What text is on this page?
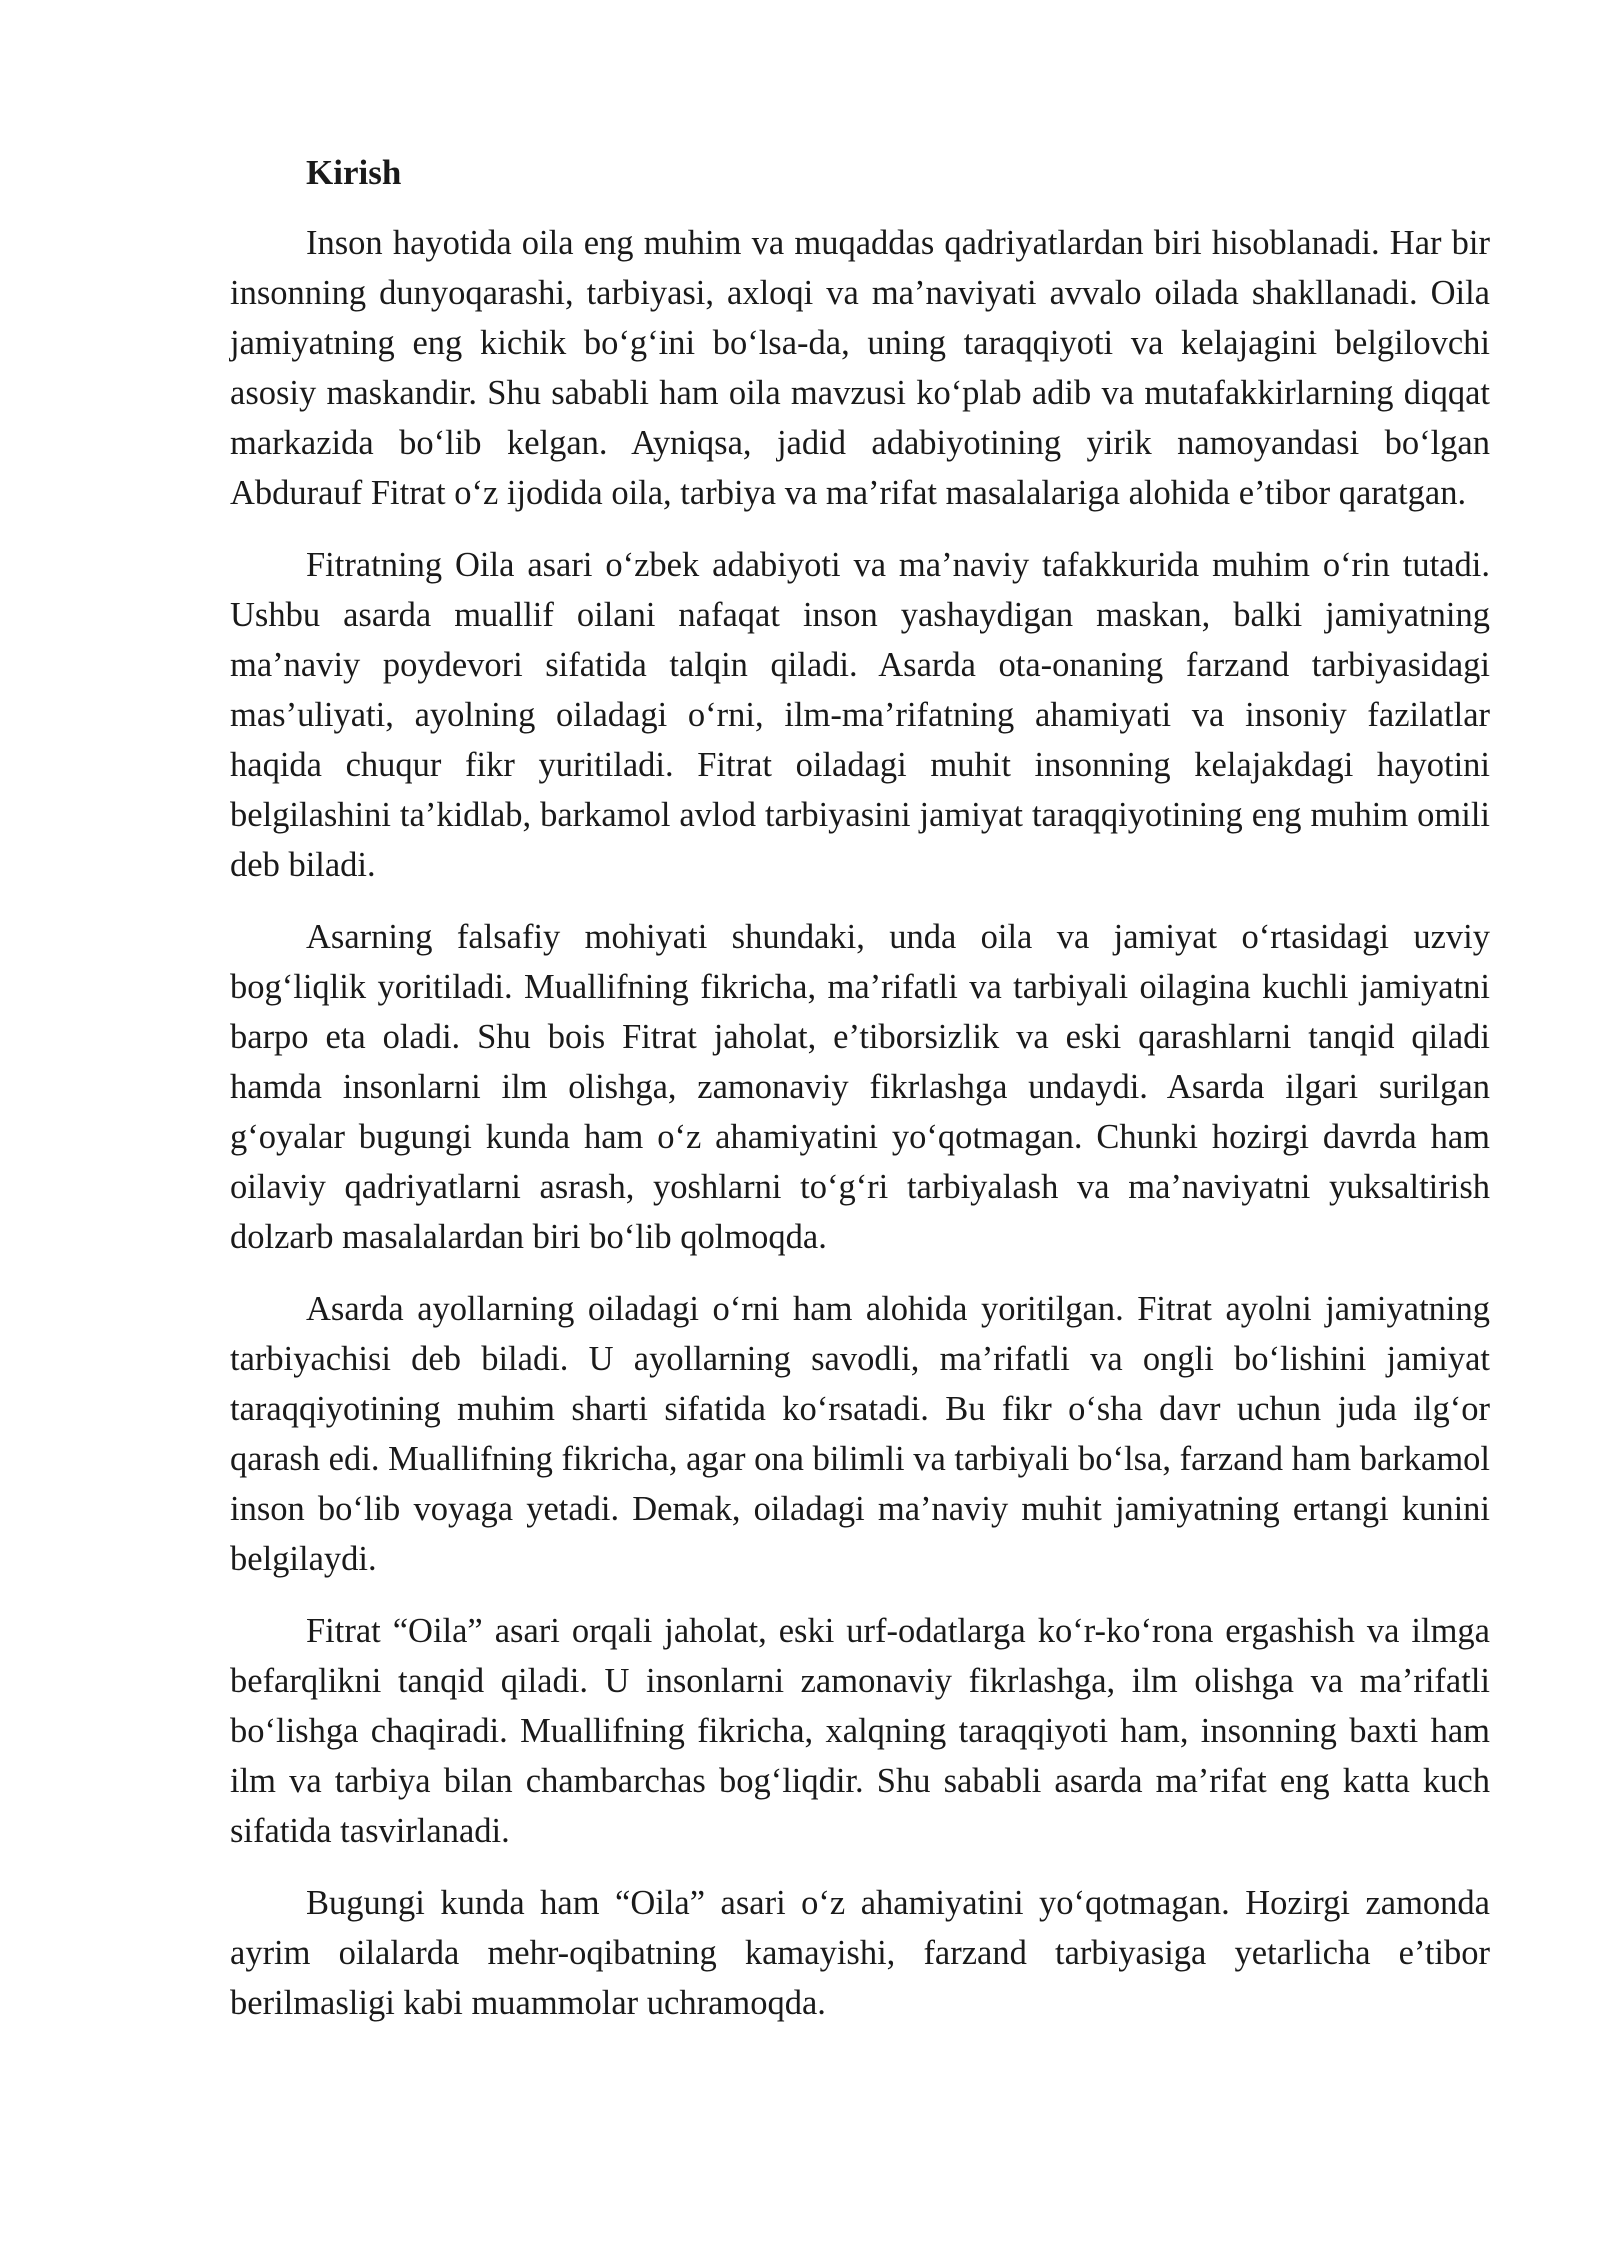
Kirish

Inson hayotida oila eng muhim va muqaddas qadriyatlardan biri hisoblanadi. Har bir insonning dunyoqarashi, tarbiyasi, axloqi va ma’naviyati avvalo oilada shakllanadi. Oila jamiyatning eng kichik bo‘g‘ini bo‘lsa-da, uning taraqqiyoti va kelajagini belgilovchi asosiy maskandir. Shu sababli ham oila mavzusi ko‘plab adib va mutafakkirlarning diqqat markazida bo‘lib kelgan. Ayniqsa, jadid adabiyotining yirik namoyandasi bo‘lgan Abdurauf Fitrat o‘z ijodida oila, tarbiya va ma’rifat masalalariga alohida e’tibor qaratgan.

Fitratning Oila asari o‘zbek adabiyoti va ma’naviy tafakkurida muhim o‘rin tutadi. Ushbu asarda muallif oilani nafaqat inson yashaydigan maskan, balki jamiyatning ma’naviy poydevori sifatida talqin qiladi. Asarda ota-onaning farzand tarbiyasidagi mas’uliyati, ayolning oiladagi o‘rni, ilm-ma’rifatning ahamiyati va insoniy fazilatlar haqida chuqur fikr yuritiladi. Fitrat oiladagi muhit insonning kelajakdagi hayotini belgilashini ta’kidlab, barkamol avlod tarbiyasini jamiyat taraqqiyotining eng muhim omili deb biladi.

Asarning falsafiy mohiyati shundaki, unda oila va jamiyat o‘rtasidagi uzviy bog‘liqlik yoritiladi. Muallifning fikricha, ma’rifatli va tarbiyali oilagina kuchli jamiyatni barpo eta oladi. Shu bois Fitrat jaholat, e’tiborsizlik va eski qarashlarni tanqid qiladi hamda insonlarni ilm olishga, zamonaviy fikrlashga undaydi. Asarda ilgari surilgan g‘oyalar bugungi kunda ham o‘z ahamiyatini yo‘qotmagan. Chunki hozirgi davrda ham oilaviy qadriyatlarni asrash, yoshlarni to‘g‘ri tarbiyalash va ma’naviyatni yuksaltirish dolzarb masalalardan biri bo‘lib qolmoqda.

Asarda ayollarning oiladagi o‘rni ham alohida yoritilgan. Fitrat ayolni jamiyatning tarbiyachisi deb biladi. U ayollarning savodli, ma’rifatli va ongli bo‘lishini jamiyat taraqqiyotining muhim sharti sifatida ko‘rsatadi. Bu fikr o‘sha davr uchun juda ilg‘or qarash edi. Muallifning fikricha, agar ona bilimli va tarbiyali bo‘lsa, farzand ham barkamol inson bo‘lib voyaga yetadi. Demak, oiladagi ma’naviy muhit jamiyatning ertangi kunini belgilaydi.

Fitrat “Oila” asari orqali jaholat, eski urf-odatlarga ko‘r-ko‘rona ergashish va ilmga befarqlikni tanqid qiladi. U insonlarni zamonaviy fikrlashga, ilm olishga va ma’rifatli bo‘lishga chaqiradi. Muallifning fikricha, xalqning taraqqiyoti ham, insonning baxti ham ilm va tarbiya bilan chambarchas bog‘liqdir. Shu sababli asarda ma’rifat eng katta kuch sifatida tasvirlanadi.

Bugungi kunda ham “Oila” asari o‘z ahamiyatini yo‘qotmagan. Hozirgi zamonda ayrim oilalarda mehr-oqibatning kamayishi, farzand tarbiyasiga yetarlicha e’tibor berilmasligi kabi muammolar uchramoqda.
